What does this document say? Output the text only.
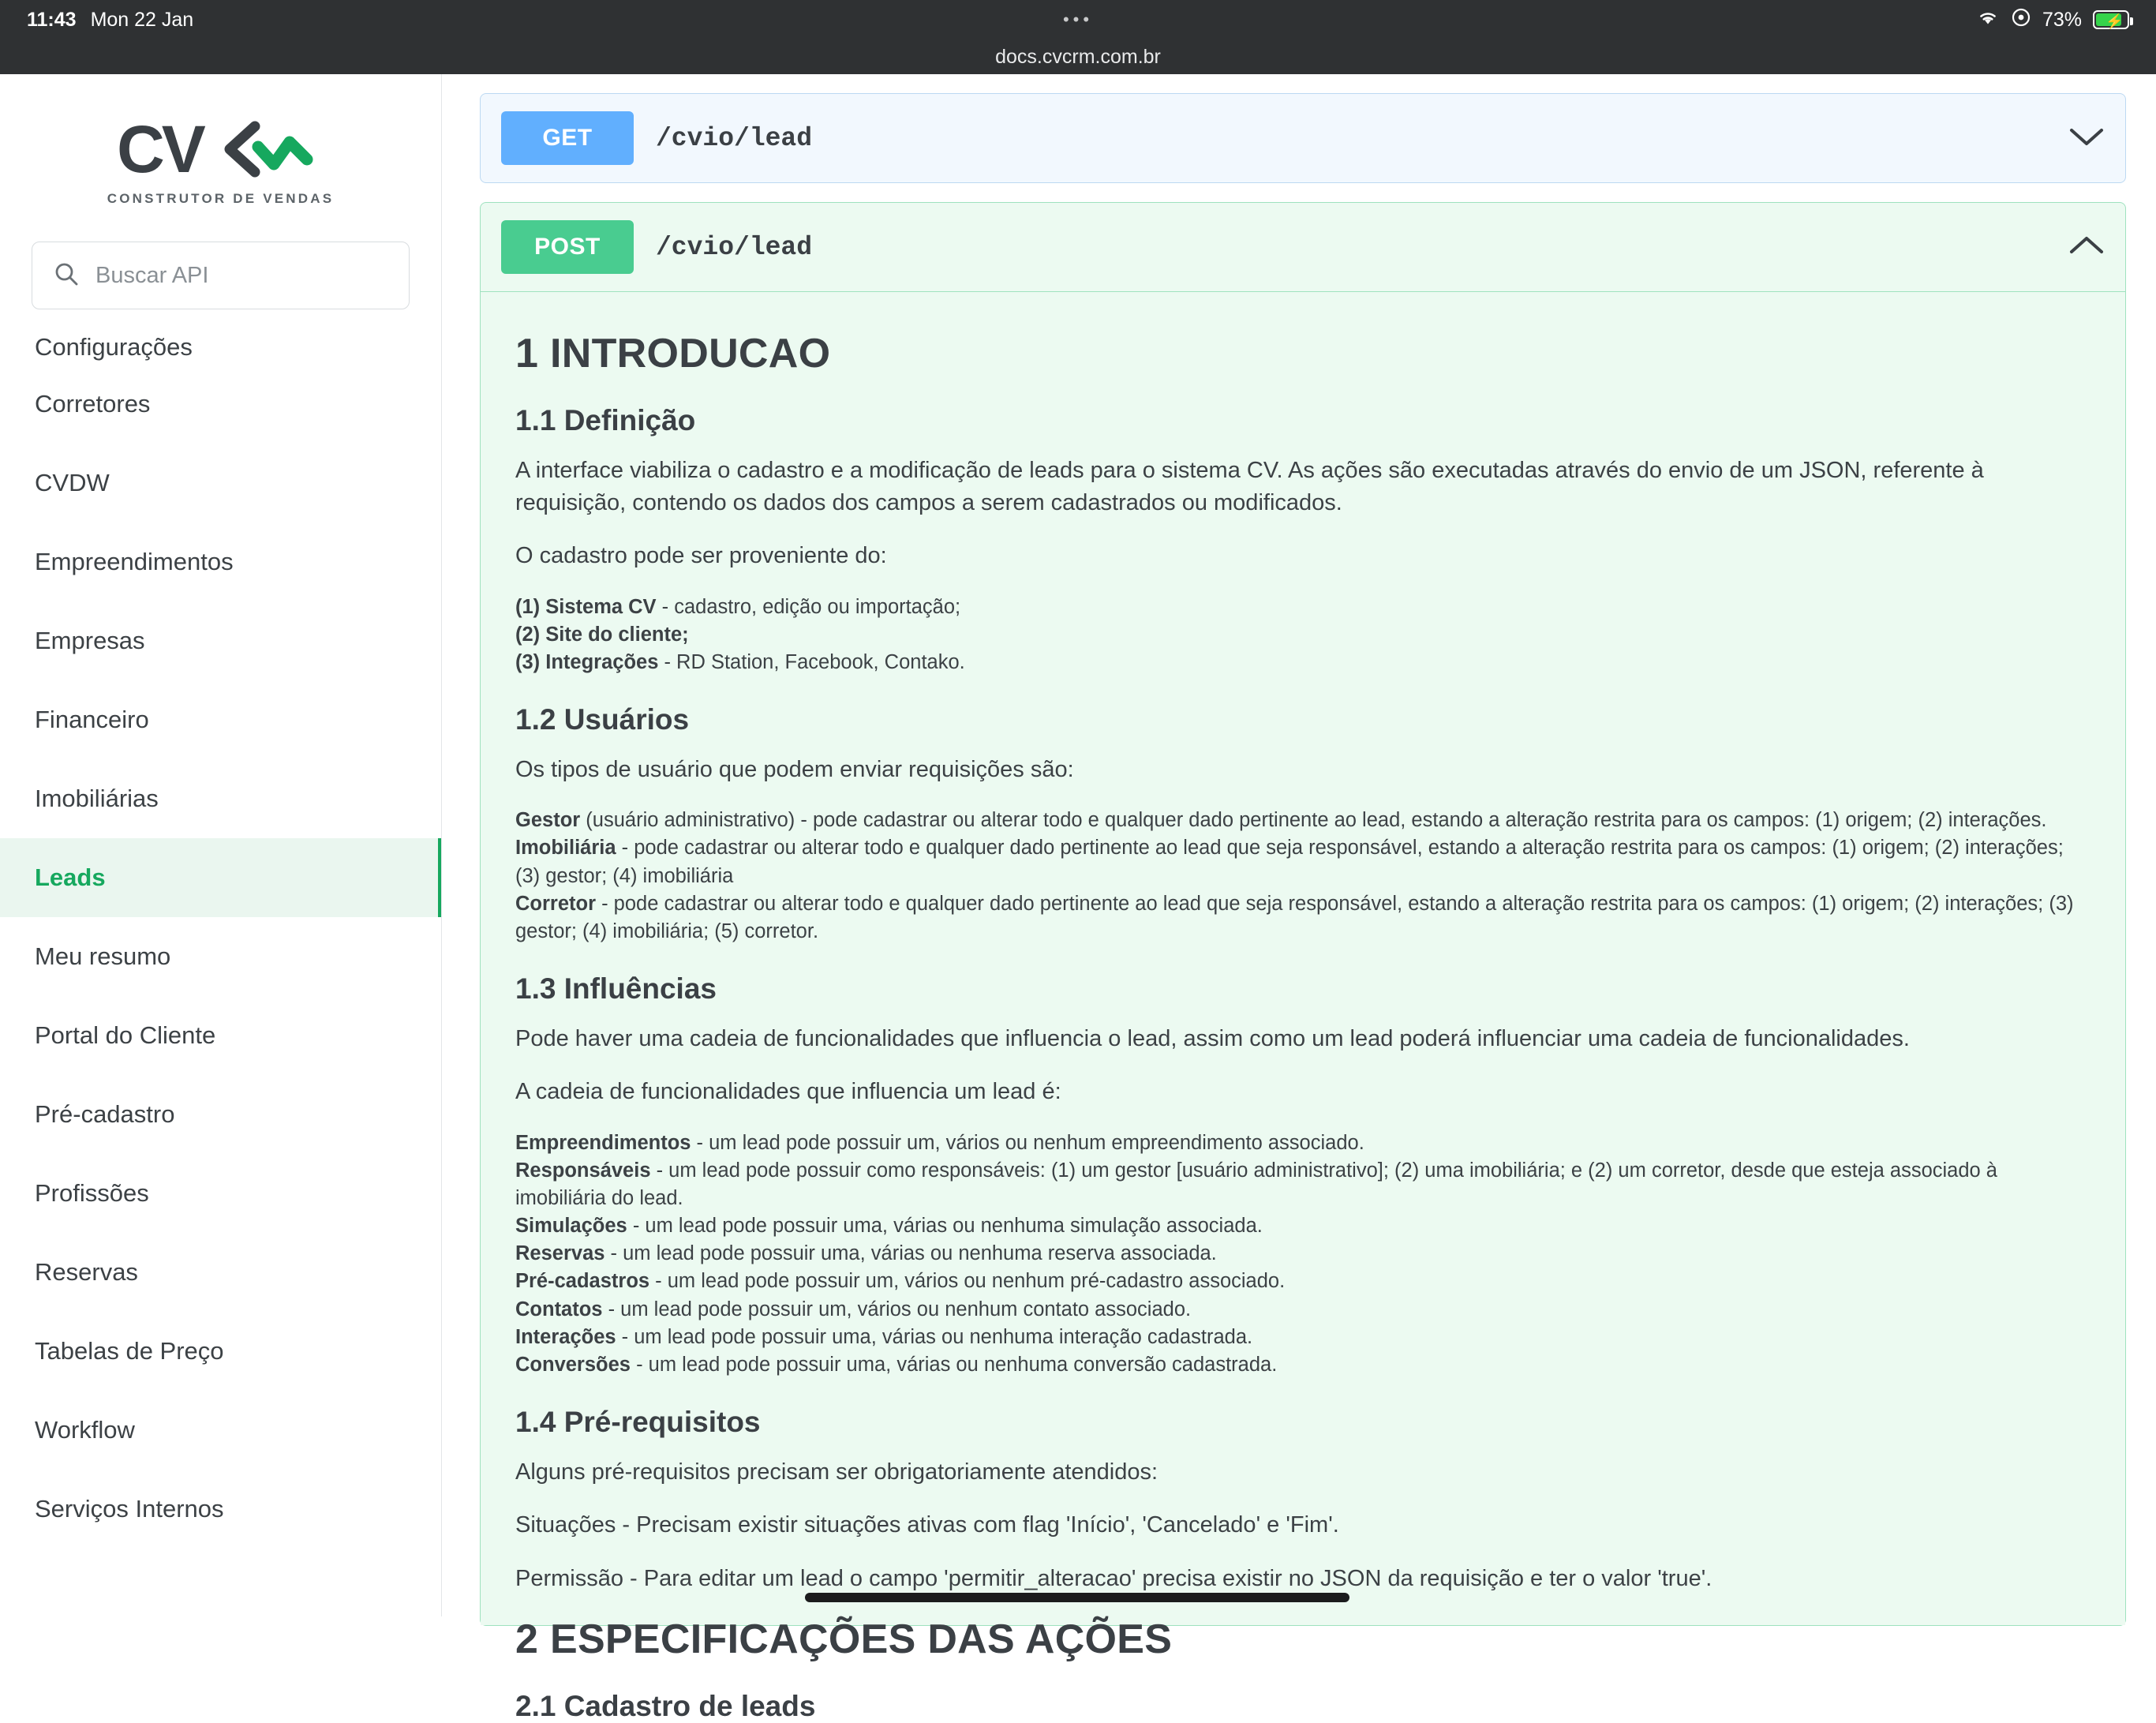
11:43 Mon 22 Jan	•••	73% ⚡
docs.cvcrm.com.br
CV
CONSTRUTOR DE VENDAS
Buscar API
Configurações
Corretores
CVDW
Empreendimentos
Empresas
Financeiro
Imobiliárias
Leads
Meu resumo
Portal do Cliente
Pré-cadastro
Profissões
Reservas
Tabelas de Preço
Workflow
Serviços Internos
GET	/cvio/lead
POST	/cvio/lead
1 INTRODUCAO
1.1 Definição

A interface viabiliza o cadastro e a modificação de leads para o sistema CV. As ações são executadas através do envio de um JSON, referente à requisição, contendo os dados dos campos a serem cadastrados ou modificados.

O cadastro pode ser proveniente do:

(1) Sistema CV - cadastro, edição ou importação;

(2) Site do cliente;

(3) Integrações - RD Station, Facebook, Contako.

1.2 Usuários

Os tipos de usuário que podem enviar requisições são:

Gestor (usuário administrativo) - pode cadastrar ou alterar todo e qualquer dado pertinente ao lead, estando a alteração restrita para os campos: (1) origem; (2) interações.

Imobiliária - pode cadastrar ou alterar todo e qualquer dado pertinente ao lead que seja responsável, estando a alteração restrita para os campos: (1) origem; (2) interações; (3) gestor; (4) imobiliária

Corretor - pode cadastrar ou alterar todo e qualquer dado pertinente ao lead que seja responsável, estando a alteração restrita para os campos: (1) origem; (2) interações; (3) gestor; (4) imobiliária; (5) corretor.

1.3 Influências

Pode haver uma cadeia de funcionalidades que influencia o lead, assim como um lead poderá influenciar uma cadeia de funcionalidades.

A cadeia de funcionalidades que influencia um lead é:

Empreendimentos - um lead pode possuir um, vários ou nenhum empreendimento associado.

Responsáveis - um lead pode possuir como responsáveis: (1) um gestor [usuário administrativo]; (2) uma imobiliária; e (2) um corretor, desde que esteja associado à imobiliária do lead.

Simulações - um lead pode possuir uma, várias ou nenhuma simulação associada.

Reservas - um lead pode possuir uma, várias ou nenhuma reserva associada.

Pré-cadastros - um lead pode possuir um, vários ou nenhum pré-cadastro associado.

Contatos - um lead pode possuir um, vários ou nenhum contato associado.

Interações - um lead pode possuir uma, várias ou nenhuma interação cadastrada.

Conversões - um lead pode possuir uma, várias ou nenhuma conversão cadastrada.

1.4 Pré-requisitos

Alguns pré-requisitos precisam ser obrigatoriamente atendidos:

Situações - Precisam existir situações ativas com flag 'Início', 'Cancelado' e 'Fim'.

Permissão - Para editar um lead o campo 'permitir_alteracao' precisa existir no JSON da requisição e ter o valor 'true'.

2 ESPECIFICAÇÕES DAS AÇÕES
2.1 Cadastro de leads
